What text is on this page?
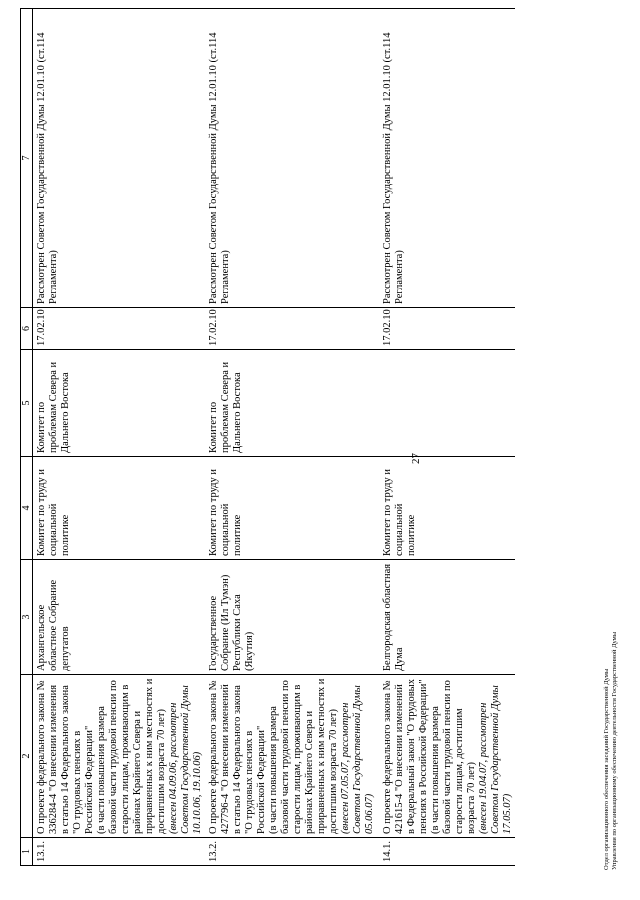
27
1	2	3	4	5	6	7
13.1.	О проекте федерального закона № 336284-4 "О внесении изменения в статью 14 Федерального закона "О трудовых пенсиях в Российской Федерации" (в части повышения размера базовой части трудовой пенсии по старости лицам, проживающим в районах Крайнего Севера и приравненных к ним местностях и достигшим возраста 70 лет) (внесен 04.09.06, рассмотрен Советом Государственной Думы 10.10.06, 19.10.06)	Архангельское областное Собрание депутатов	Комитет по труду и социальной политике	Комитет по проблемам Севера и Дальнего Востока	17.02.10	Рассмотрен Советом Государственной Думы 12.01.10 (ст.114 Регламента)
13.2.	О проекте федерального закона № 427796-4 "О внесении изменений в статью 14 Федерального закона "О трудовых пенсиях в Российской Федерации" (в части повышения размера базовой части трудовой пенсии по старости лицам, проживающим в районах Крайнего Севера и приравненных к ним местностях и достигшим возраста 70 лет) (внесен 07.05.07, рассмотрен Советом Государственной Думы 05.06.07)	Государственное Собрание (Ил Тумэн) Республики Саха (Якутия)	Комитет по труду и социальной политике	Комитет по проблемам Севера и Дальнего Востока	17.02.10	Рассмотрен Советом Государственной Думы 12.01.10 (ст.114 Регламента)
14.1.	О проекте федерального закона № 421615-4 "О внесении изменений в Федеральный закон "О трудовых пенсиях в Российской Федерации" (в части повышения размера базовой части трудовой пенсии по старости лицам, достигшим возраста 70 лет) (внесен 19.04.07, рассмотрен Советом Государственной Думы 17.05.07)	Белгородская областная Дума	Комитет по труду и социальной политике		17.02.10	Рассмотрен Советом Государственной Думы 12.01.10 (ст.114 Регламента)
Отдел организационного обеспечения заседаний Государственной Думы Управления по организационному обеспечению деятельности Государственной Думы
